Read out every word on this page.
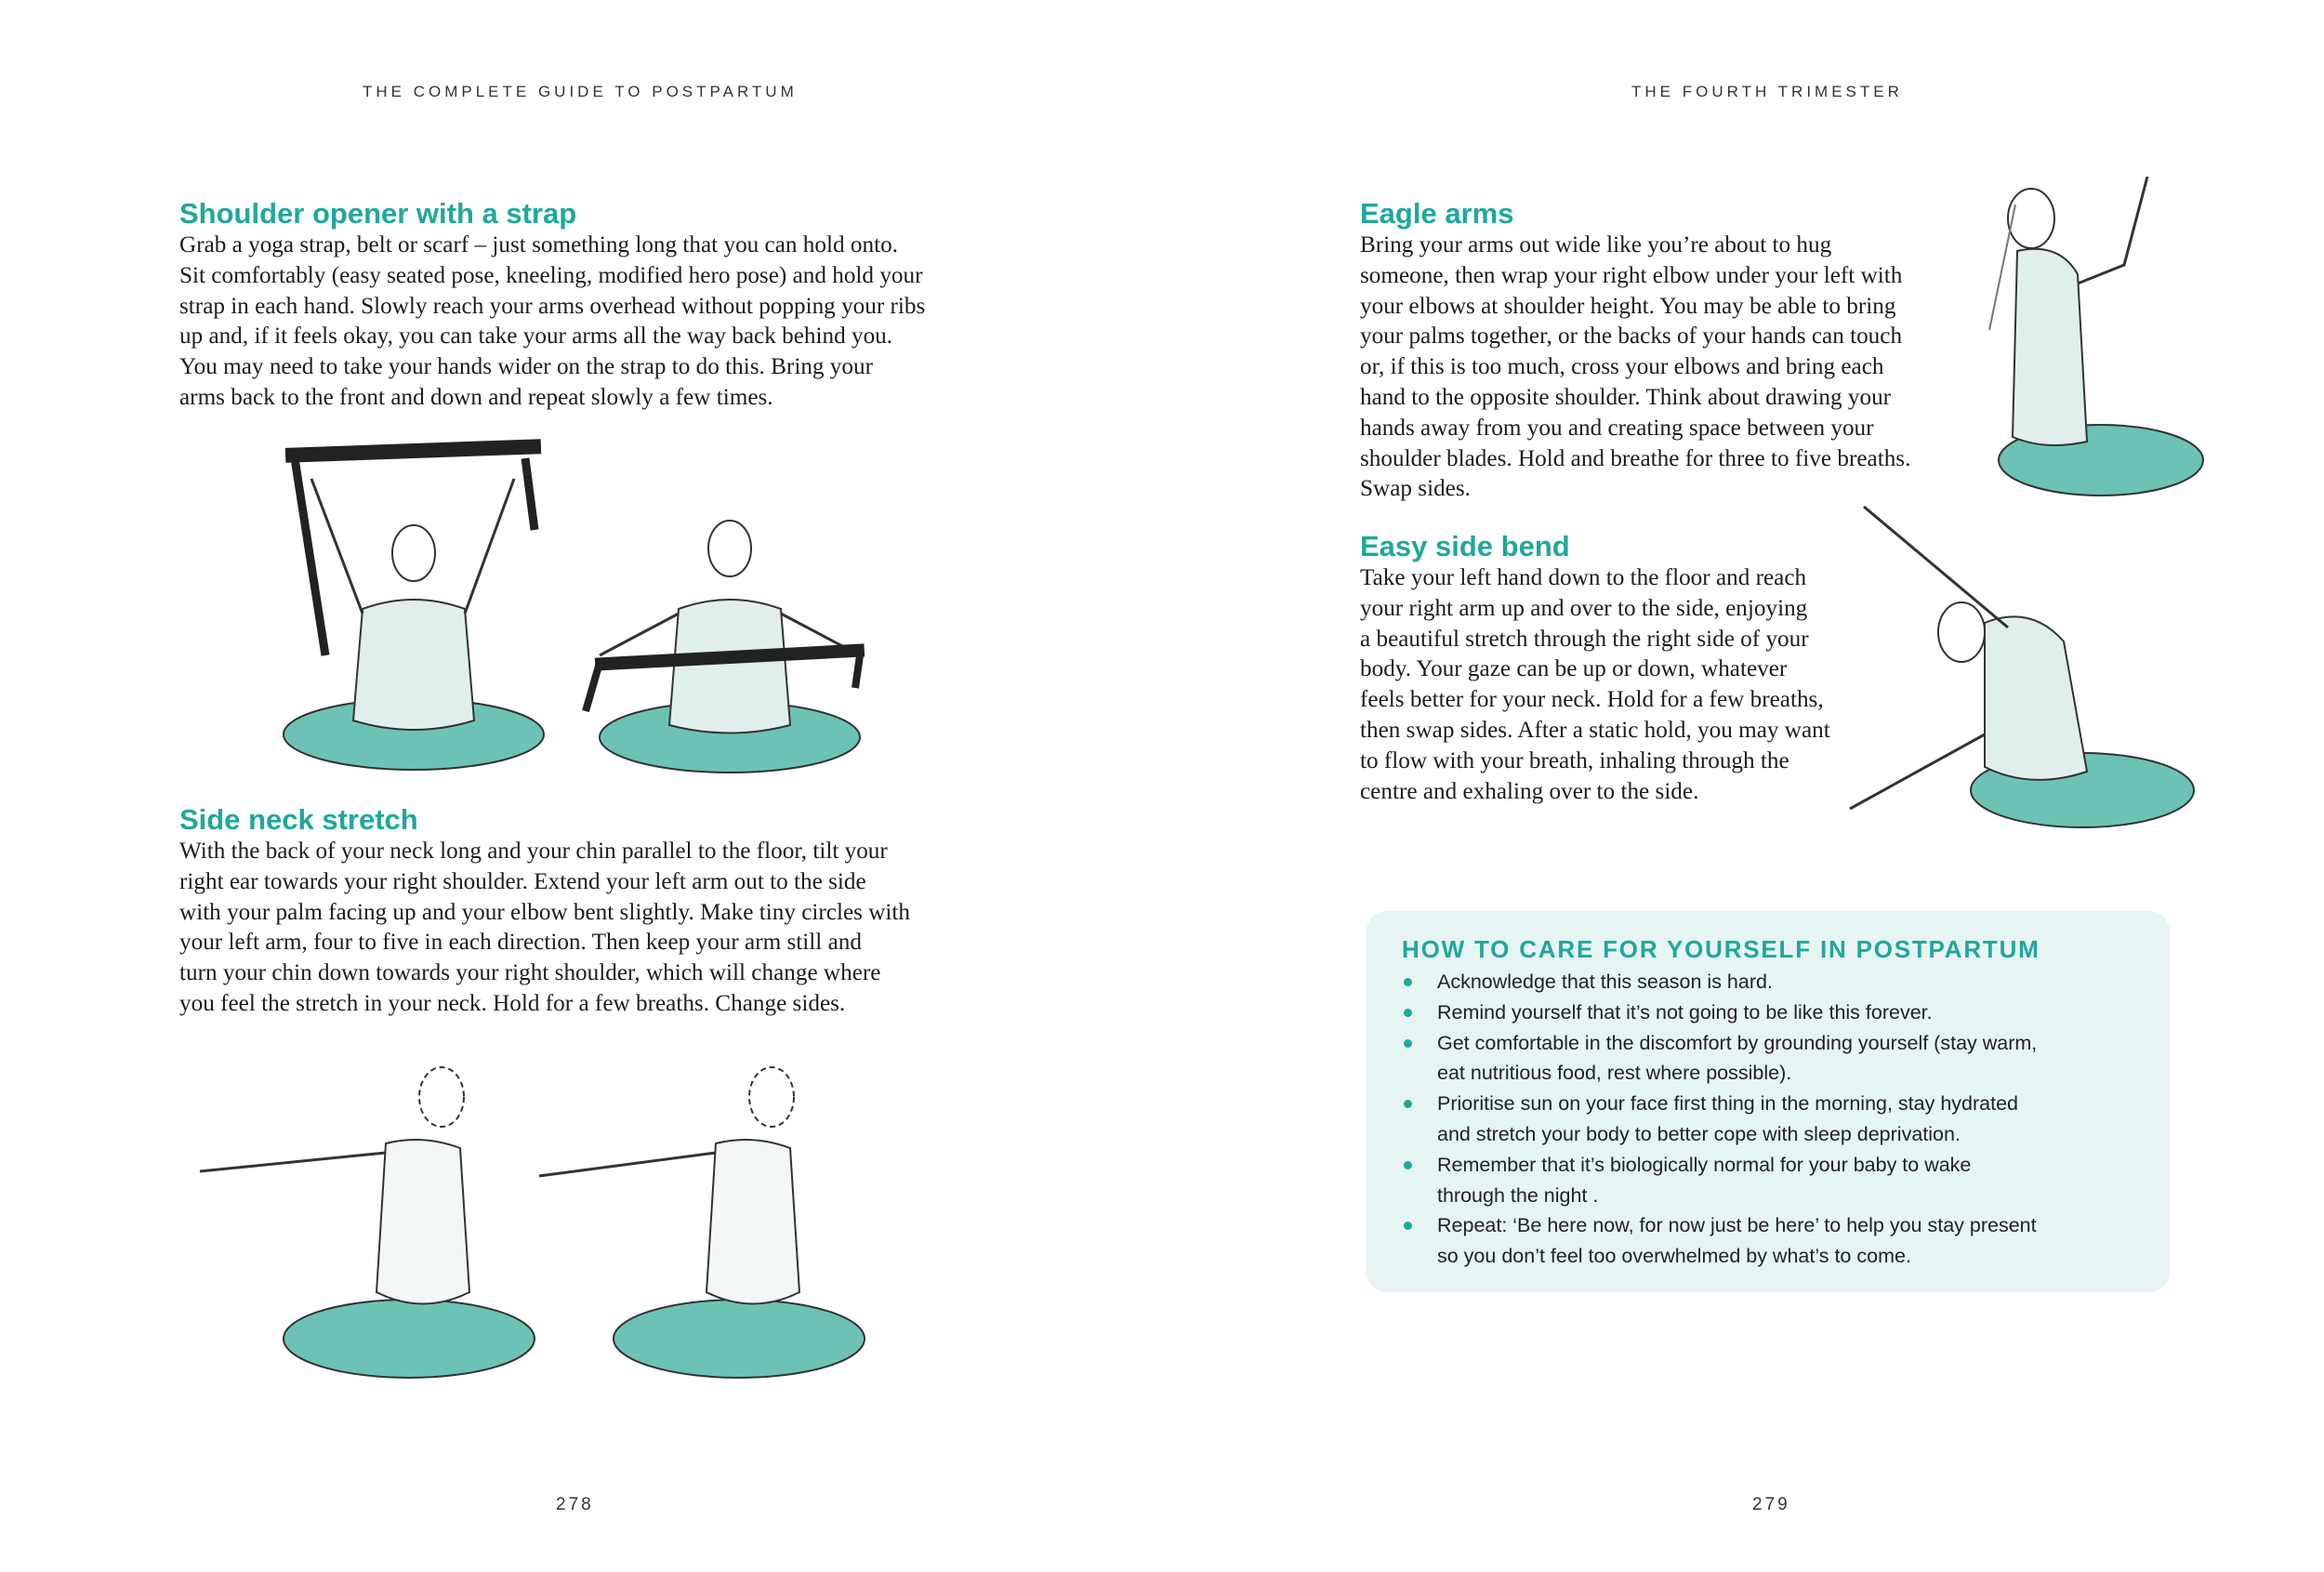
THE COMPLETE GUIDE TO POSTPARTUM
Shoulder opener with a strap
Grab a yoga strap, belt or scarf – just something long that you can hold onto.
Sit comfortably (easy seated pose, kneeling, modified hero pose) and hold your
strap in each hand. Slowly reach your arms overhead without popping your ribs
up and, if it feels okay, you can take your arms all the way back behind you.
You may need to take your hands wider on the strap to do this. Bring your
arms back to the front and down and repeat slowly a few times.
Side neck stretch
With the back of your neck long and your chin parallel to the floor, tilt your
right ear towards your right shoulder. Extend your left arm out to the side
with your palm facing up and your elbow bent slightly. Make tiny circles with
your left arm, four to five in each direction. Then keep your arm still and
turn your chin down towards your right shoulder, which will change where
you feel the stretch in your neck. Hold for a few breaths. Change sides.
278
THE FOURTH TRIMESTER
Eagle arms
Bring your arms out wide like you’re about to hug
someone, then wrap your right elbow under your left with
your elbows at shoulder height. You may be able to bring
your palms together, or the backs of your hands can touch
or, if this is too much, cross your elbows and bring each
hand to the opposite shoulder. Think about drawing your
hands away from you and creating space between your
shoulder blades. Hold and breathe for three to five breaths.
Swap sides.
Easy side bend
Take your left hand down to the floor and reach
your right arm up and over to the side, enjoying
a beautiful stretch through the right side of your
body. Your gaze can be up or down, whatever
feels better for your neck. Hold for a few breaths,
then swap sides. After a static hold, you may want
to flow with your breath, inhaling through the
centre and exhaling over to the side.
HOW TO CARE FOR YOURSELF IN POSTPARTUM
Acknowledge that this season is hard.
Remind yourself that it’s not going to be like this forever.
Get comfortable in the discomfort by grounding yourself (stay warm,
eat nutritious food, rest where possible).
Prioritise sun on your face first thing in the morning, stay hydrated
and stretch your body to better cope with sleep deprivation.
Remember that it’s biologically normal for your baby to wake
through the night .
Repeat: ‘Be here now, for now just be here’ to help you stay present
so you don’t feel too overwhelmed by what’s to come.
279
